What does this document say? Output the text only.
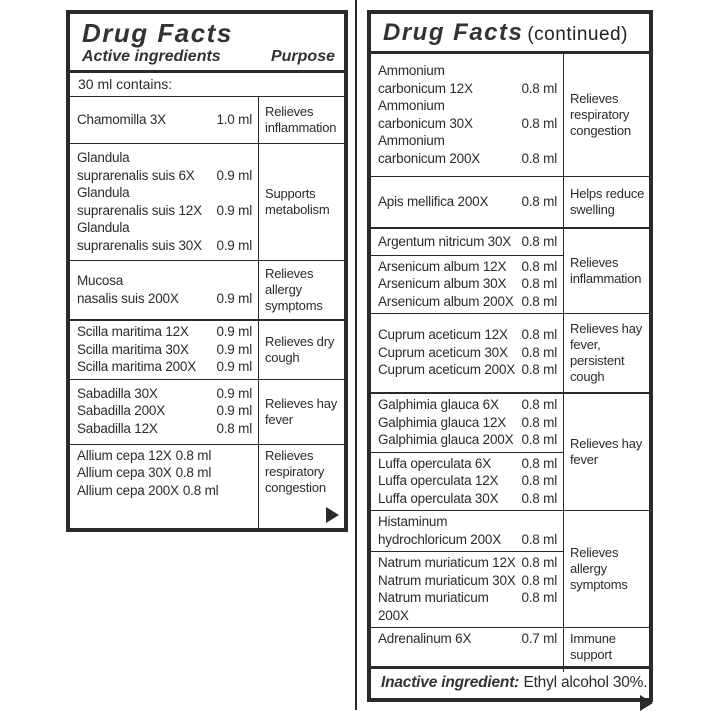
Drug Facts
Active ingredients	Purpose
30 ml contains:
Chamomilla 3X	1.0 ml
Relieves inflammation
Glandula
suprarenalis suis 6X 0.9 ml
Glandula
suprarenalis suis 12X 0.9 ml
Glandula
suprarenalis suis 30X 0.9 ml
Supports metabolism
Mucosa
nasalis suis 200X	0.9 ml
Relieves allergy symptoms
Scilla maritima 12X 0.9 ml
Scilla maritima 30X 0.9 ml
Scilla maritima 200X 0.9 ml
Relieves dry cough
Sabadilla 30X	0.9 ml
Sabadilla 200X	0.9 ml
Sabadilla 12X	0.8 ml
Relieves hay fever
Allium cepa 12X 0.8 ml
Allium cepa 30X 0.8 ml
Allium cepa 200X 0.8 ml
Relieves respiratory congestion
Drug Facts (continued)
Ammonium
carbonicum 12X	0.8 ml
Ammonium
carbonicum 30X	0.8 ml
Ammonium
carbonicum 200X	0.8 ml
Relieves respiratory congestion
Apis mellifica 200X 0.8 ml
Helps reduce swelling
Argentum nitricum 30X 0.8 ml
Arsenicum album 12X 0.8 ml
Arsenicum album 30X 0.8 ml
Arsenicum album 200X 0.8 ml
Relieves inflammation
Cuprum aceticum 12X 0.8 ml
Cuprum aceticum 30X 0.8 ml
Cuprum aceticum 200X 0.8 ml
Relieves hay fever, persistent cough
Galphimia glauca 6X 0.8 ml
Galphimia glauca 12X 0.8 ml
Galphimia glauca 200X 0.8 ml
Luffa operculata 6X 0.8 ml
Luffa operculata 12X 0.8 ml
Luffa operculata 30X 0.8 ml
Relieves hay fever
Histaminum
hydrochloricum 200X 0.8 ml
Natrum muriaticum 12X 0.8 ml
Natrum muriaticum 30X 0.8 ml
Natrum muriaticum 200X
0.8 ml
Relieves allergy symptoms
Adrenalinum 6X	0.7 ml Immune support
Inactive ingredient: Ethyl alcohol 30%.
